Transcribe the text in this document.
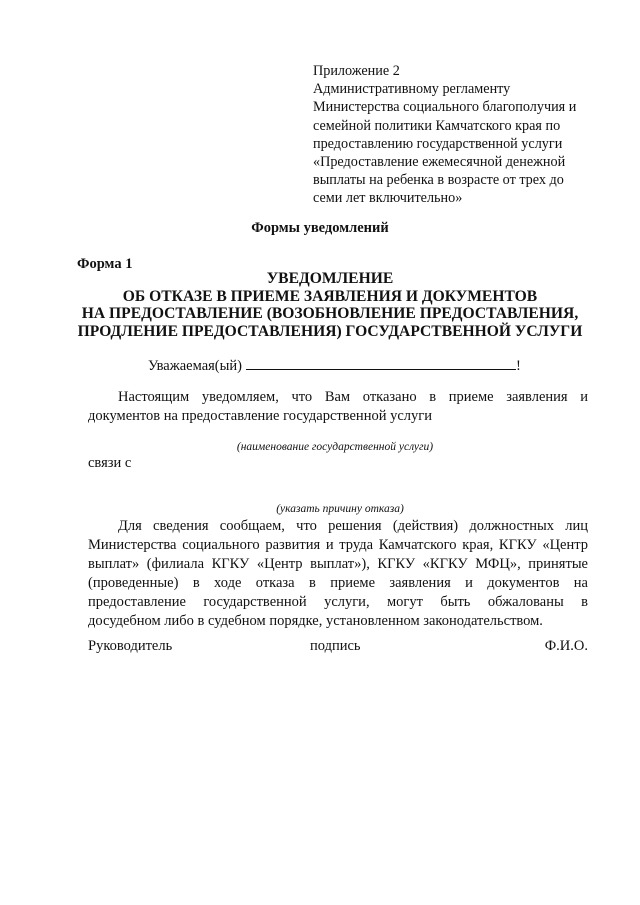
Приложение 2
Административному регламенту
Министерства социального благополучия и
семейной политики Камчатского края по
предоставлению государственной услуги
«Предоставление ежемесячной денежной
выплаты на ребенка в возрасте от трех до
семи лет включительно»
Формы уведомлений
Форма 1
УВЕДОМЛЕНИЕ
ОБ ОТКАЗЕ В ПРИЕМЕ ЗАЯВЛЕНИЯ И ДОКУМЕНТОВ
НА ПРЕДОСТАВЛЕНИЕ (ВОЗОБНОВЛЕНИЕ ПРЕДОСТАВЛЕНИЯ,
ПРОДЛЕНИЕ ПРЕДОСТАВЛЕНИЯ) ГОСУДАРСТВЕННОЙ УСЛУГИ
Уважаемая(ый)	!
Настоящим уведомляем, что Вам отказано в приеме заявления и
документов на предоставление государственной услуги
(наименование государственной услуги)
связи с
(указать причину отказа)
Для сведения сообщаем, что решения (действия) должностных лиц
Министерства социального развития и труда Камчатского края, КГКУ «Центр
выплат» (филиала КГКУ «Центр выплат»), КГКУ «КГКУ МФЦ», принятые
(проведенные) в ходе отказа в приеме заявления и документов на
предоставление государственной услуги, могут быть обжалованы в
досудебном либо в судебном порядке, установленном законодательством.
Руководитель	подпись	Ф.И.О.
